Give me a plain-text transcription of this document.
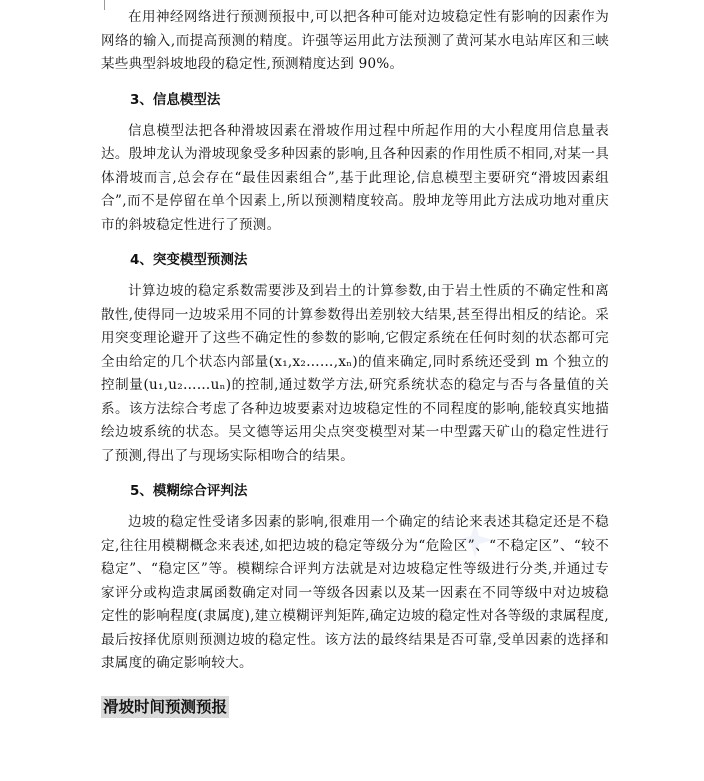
在用神经网络进行预测预报中,可以把各种可能对边坡稳定性有影响的因素作为网络的输入,而提高预测的精度。许强等运用此方法预测了黄河某水电站库区和三峡某些典型斜坡地段的稳定性,预测精度达到 90%。

3、信息模型法

信息模型法把各种滑坡因素在滑坡作用过程中所起作用的大小程度用信息量表达。殷坤龙认为滑坡现象受多种因素的影响,且各种因素的作用性质不相同,对某一具体滑坡而言,总会存在“最佳因素组合”,基于此理论,信息模型主要研究“滑坡因素组合”,而不是停留在单个因素上,所以预测精度较高。殷坤龙等用此方法成功地对重庆市的斜坡稳定性进行了预测。

4、突变模型预测法

计算边坡的稳定系数需要涉及到岩土的计算参数,由于岩土性质的不确定性和离散性,使得同一边坡采用不同的计算参数得出差别较大结果,甚至得出相反的结论。采用突变理论避开了这些不确定性的参数的影响,它假定系统在任何时刻的状态都可完全由给定的几个状态内部量(x₁,x₂……,xₙ)的值来确定,同时系统还受到 m 个独立的控制量(u₁,u₂……uₙ)的控制,通过数学方法,研究系统状态的稳定与否与各量值的关系。该方法综合考虑了各种边坡要素对边坡稳定性的不同程度的影响,能较真实地描绘边坡系统的状态。吴文德等运用尖点突变模型对某一中型露天矿山的稳定性进行了预测,得出了与现场实际相吻合的结果。

5、模糊综合评判法

边坡的稳定性受诸多因素的影响,很难用一个确定的结论来表述其稳定还是不稳定,往往用模糊概念来表述,如把边坡的稳定等级分为“危险区”、“不稳定区”、“较不稳定”、“稳定区”等。模糊综合评判方法就是对边坡稳定性等级进行分类,并通过专家评分或构造隶属函数确定对同一等级各因素以及某一因素在不同等级中对边坡稳定性的影响程度(隶属度),建立模糊评判矩阵,确定边坡的稳定性对各等级的隶属程度,最后按择优原则预测边坡的稳定性。该方法的最终结果是否可靠,受单因素的选择和隶属度的确定影响较大。

滑坡时间预测预报
